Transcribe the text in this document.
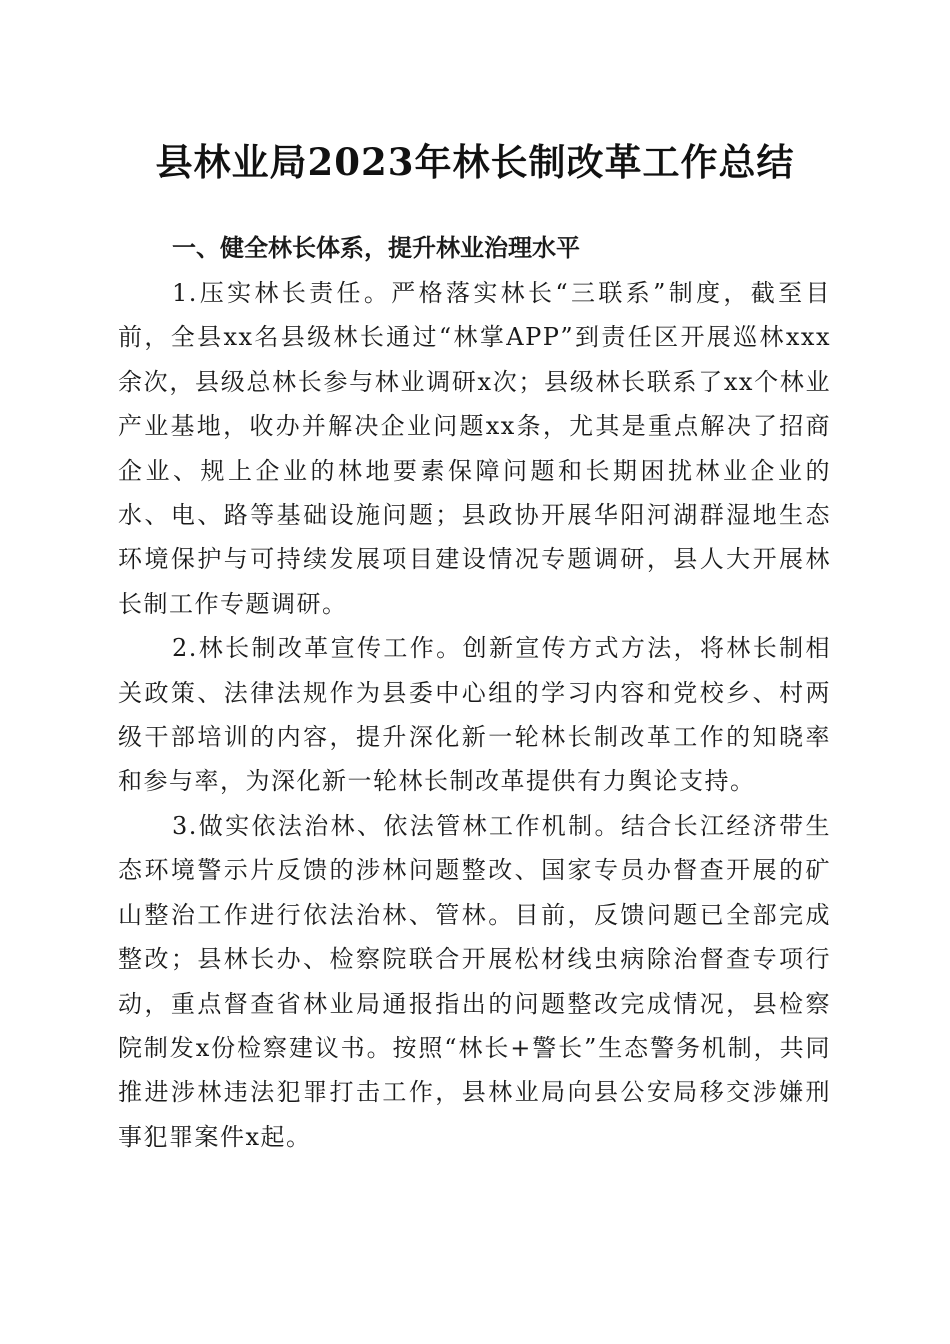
县林业局2023年林长制改革工作总结

一、健全林长体系，提升林业治理水平

1.压实林长责任。严格落实林长“三联系”制度，截至目前，全县xx名县级林长通过“林掌APP”到责任区开展巡林xxx余次，县级总林长参与林业调研x次；县级林长联系了xx个林业产业基地，收办并解决企业问题xx条，尤其是重点解决了招商企业、规上企业的林地要素保障问题和长期困扰林业企业的水、电、路等基础设施问题；县政协开展华阳河湖群湿地生态环境保护与可持续发展项目建设情况专题调研，县人大开展林长制工作专题调研。

2.林长制改革宣传工作。创新宣传方式方法，将林长制相关政策、法律法规作为县委中心组的学习内容和党校乡、村两级干部培训的内容，提升深化新一轮林长制改革工作的知晓率和参与率，为深化新一轮林长制改革提供有力舆论支持。

3.做实依法治林、依法管林工作机制。结合长江经济带生态环境警示片反馈的涉林问题整改、国家专员办督查开展的矿山整治工作进行依法治林、管林。目前，反馈问题已全部完成整改；县林长办、检察院联合开展松材线虫病除治督查专项行动，重点督查省林业局通报指出的问题整改完成情况，县检察院制发x份检察建议书。按照“林长+警长”生态警务机制，共同推进涉林违法犯罪打击工作，县林业局向县公安局移交涉嫌刑事犯罪案件x起。
